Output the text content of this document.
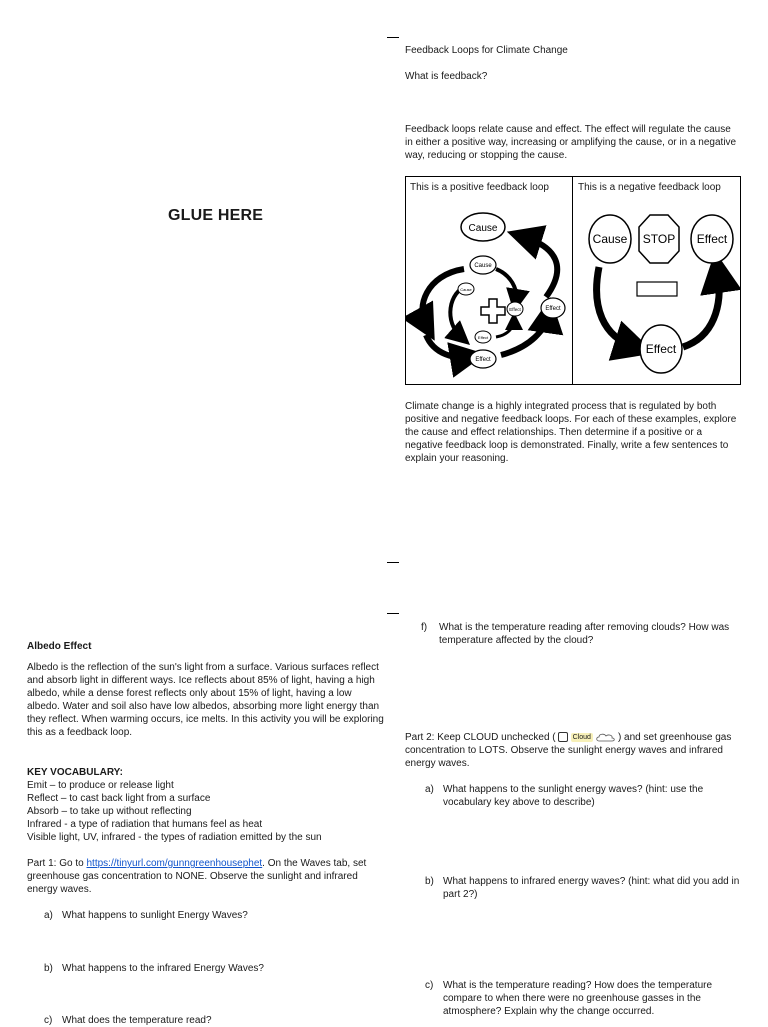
GLUE HERE

Albedo Effect

Albedo is the reflection of the sun's light from a surface. Various surfaces reflect and absorb light in different ways. Ice reflects about 85% of light, having a high albedo, while a dense forest reflects only about 15% of light, having a low albedo. Water and soil also have low albedos, absorbing more light energy than they reflect. When warming occurs, ice melts. In this activity you will be exploring this as a feedback loop.

KEY VOCABULARY:

Emit – to produce or release light

Reflect – to cast back light from a surface

Absorb – to take up without reflecting

Infrared - a type of radiation that humans feel as heat

Visible light, UV, infrared - the types of radiation emitted by the sun

Part 1: Go to https://tinyurl.com/gunngreenhousephet. On the Waves tab, set greenhouse gas concentration to NONE. Observe the sunlight and infrared energy waves.

a) What happens to sunlight Energy Waves?
b) What happens to the infrared Energy Waves?
c) What does the temperature read?

Feedback Loops for Climate Change

What is feedback?

Feedback loops relate cause and effect. The effect will regulate the cause in either a positive way, increasing or amplifying the cause, or in a negative way, reducing or stopping the cause.

This is a positive feedback loop	This is a negative feedback loop
Cause
Cause
Cause
Effect	Effect
Effect
Effect
Cause STOP Effect
Effect

Climate change is a highly integrated process that is regulated by both positive and negative feedback loops. For each of these examples, explore the cause and effect relationships. Then determine if a positive or a negative feedback loop is demonstrated. Finally, write a few sentences to explain your reasoning.

f)	What is the temperature reading after removing clouds? How was temperature affected by the cloud?

Part 2: Keep CLOUD unchecked ( Cloud	) and set greenhouse gas concentration to LOTS. Observe the sunlight energy waves and infrared energy waves.

a) What happens to the sunlight energy waves? (hint: use the vocabulary key above to describe)
b) What happens to infrared energy waves? (hint: what did you add in part 2?)
c) What is the temperature reading? How does the temperature compare to when there were no greenhouse gasses in the atmosphere? Explain why the change occurred.
